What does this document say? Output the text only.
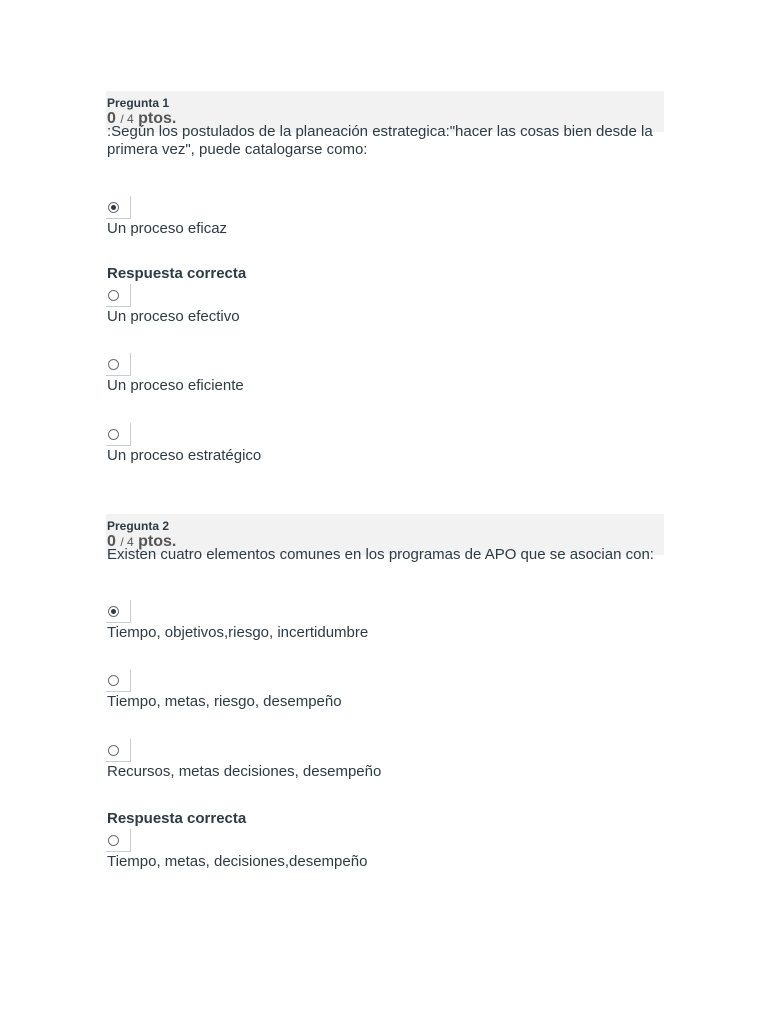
Pregunta 1
0 / 4 ptos.
:Según los postulados de la planeación estrategica:"hacer las cosas bien desde la primera vez", puede catalogarse como:
Un proceso eficaz
Respuesta correcta
Un proceso efectivo
Un proceso eficiente
Un proceso estratégico
Pregunta 2
0 / 4 ptos.
Existen cuatro elementos comunes en los programas de APO que se asocian con:
Tiempo, objetivos,riesgo, incertidumbre
Tiempo, metas, riesgo, desempeño
Recursos, metas decisiones, desempeño
Respuesta correcta
Tiempo, metas, decisiones,desempeño
